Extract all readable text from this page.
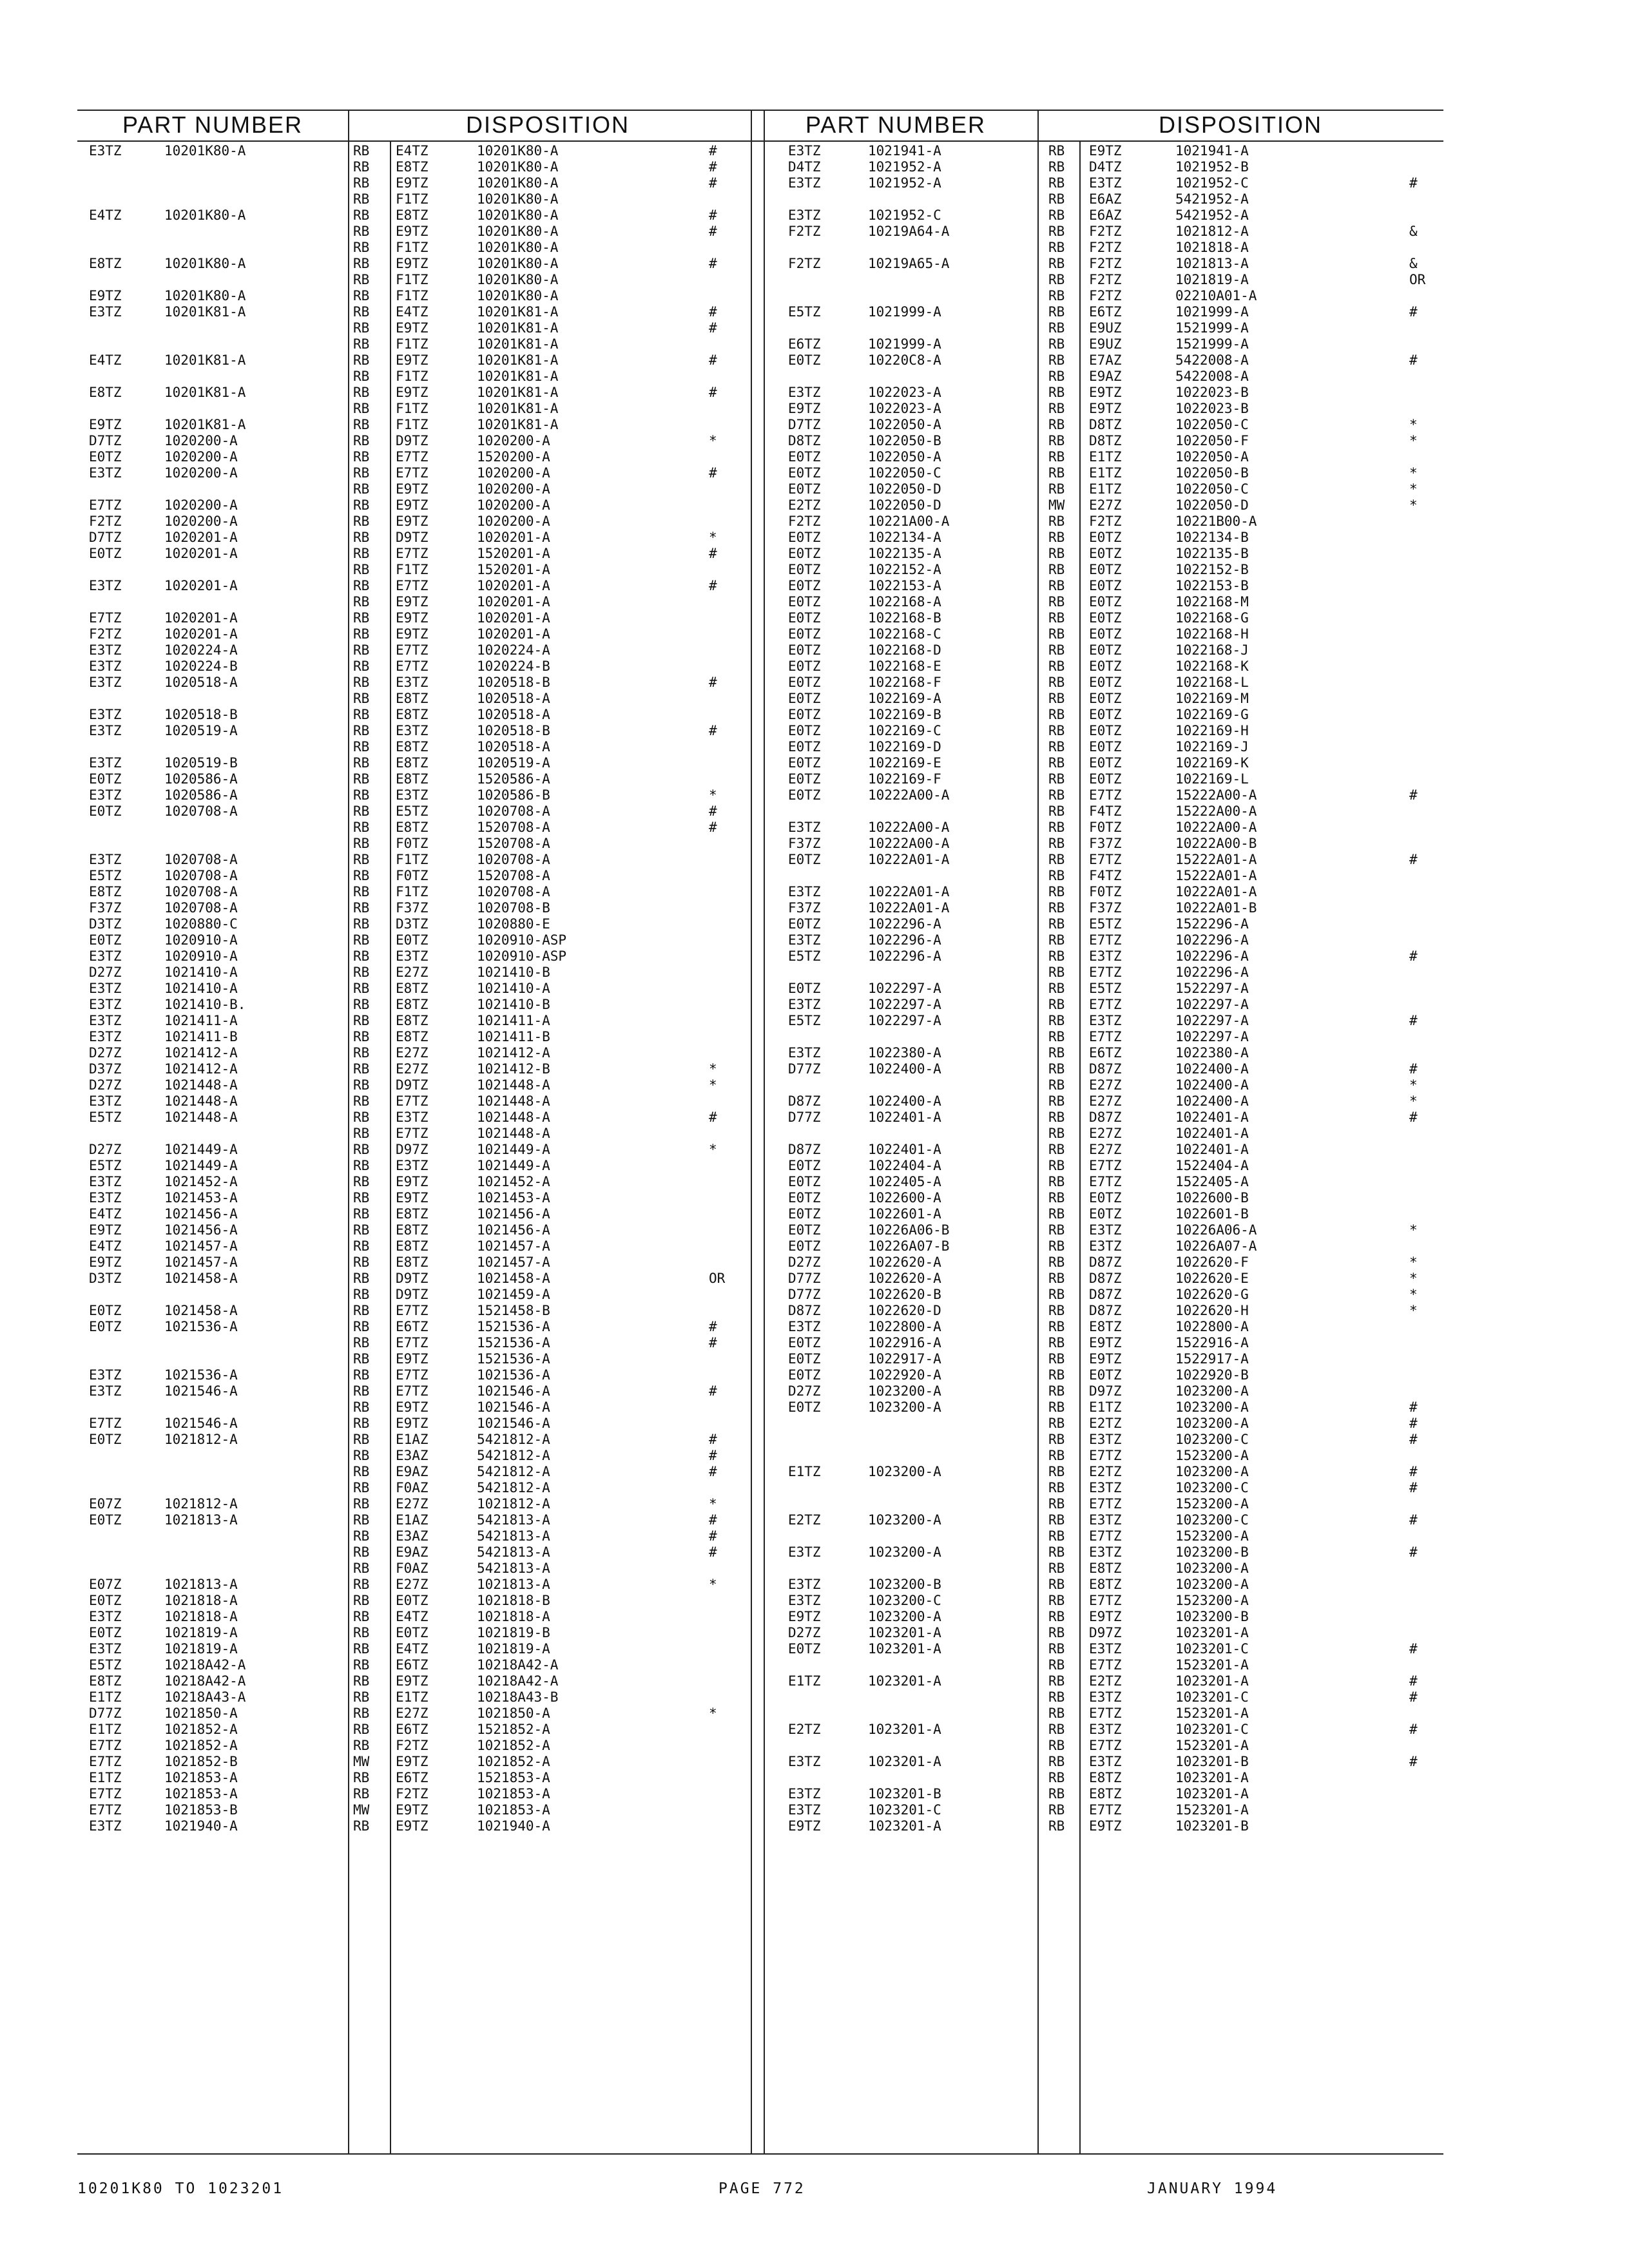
PART NUMBER	DISPOSITION	PART NUMBER	DISPOSITION
E3TZ	10201K80-A	RB E4TZ	10201K80-A	#
RB E8TZ	10201K80-A	#
RB E9TZ	10201K80-A	#
RB F1TZ	10201K80-A
E4TZ	10201K80-A	RB E8TZ	10201K80-A	#
RB E9TZ	10201K80-A	#
RB F1TZ	10201K80-A
E8TZ	10201K80-A	RB E9TZ	10201K80-A	#
RB F1TZ	10201K80-A
E9TZ	10201K80-A	RB F1TZ	10201K80-A
E3TZ	10201K81-A	RB E4TZ	10201K81-A	#
RB E9TZ	10201K81-A	#
RB F1TZ	10201K81-A
E4TZ	10201K81-A	RB E9TZ	10201K81-A	#
RB F1TZ	10201K81-A
E8TZ	10201K81-A	RB E9TZ	10201K81-A	#
RB F1TZ	10201K81-A
E9TZ	10201K81-A	RB F1TZ	10201K81-A
D7TZ	1020200-A	RB D9TZ	1020200-A	*
E0TZ	1020200-A	RB E7TZ	1520200-A
E3TZ	1020200-A	RB E7TZ	1020200-A	#
RB E9TZ	1020200-A
E7TZ	1020200-A	RB E9TZ	1020200-A
F2TZ	1020200-A	RB E9TZ	1020200-A
D7TZ	1020201-A	RB D9TZ	1020201-A	*
E0TZ	1020201-A	RB E7TZ	1520201-A	#
RB F1TZ	1520201-A
E3TZ	1020201-A	RB E7TZ	1020201-A	#
RB E9TZ	1020201-A
E7TZ	1020201-A	RB E9TZ	1020201-A
F2TZ	1020201-A	RB E9TZ	1020201-A
E3TZ	1020224-A	RB E7TZ	1020224-A
E3TZ	1020224-B	RB E7TZ	1020224-B
E3TZ	1020518-A	RB E3TZ	1020518-B	#
RB E8TZ	1020518-A
E3TZ	1020518-B	RB E8TZ	1020518-A
E3TZ	1020519-A	RB E3TZ	1020518-B	#
RB E8TZ	1020518-A
E3TZ	1020519-B	RB E8TZ	1020519-A
E0TZ	1020586-A	RB E8TZ	1520586-A
E3TZ	1020586-A	RB E3TZ	1020586-B	*
E0TZ	1020708-A	RB E5TZ	1020708-A	#
RB E8TZ	1520708-A	#
RB F0TZ	1520708-A
E3TZ	1020708-A	RB F1TZ	1020708-A
E5TZ	1020708-A	RB F0TZ	1520708-A
E8TZ	1020708-A	RB F1TZ	1020708-A
F37Z	1020708-A	RB F37Z	1020708-B
D3TZ	1020880-C	RB D3TZ	1020880-E
E0TZ	1020910-A	RB E0TZ	1020910-ASP
E3TZ	1020910-A	RB E3TZ	1020910-ASP
D27Z	1021410-A	RB E27Z	1021410-B
E3TZ	1021410-A	RB E8TZ	1021410-A
E3TZ	1021410-B.	RB E8TZ	1021410-B
E3TZ	1021411-A	RB E8TZ	1021411-A
E3TZ	1021411-B	RB E8TZ	1021411-B
D27Z	1021412-A	RB E27Z	1021412-A
D37Z	1021412-A	RB E27Z	1021412-B	*
D27Z	1021448-A	RB D9TZ	1021448-A	*
E3TZ	1021448-A	RB E7TZ	1021448-A
E5TZ	1021448-A	RB E3TZ	1021448-A	#
RB E7TZ	1021448-A
D27Z	1021449-A	RB D97Z	1021449-A	*
E5TZ	1021449-A	RB E3TZ	1021449-A
E3TZ	1021452-A	RB E9TZ	1021452-A
E3TZ	1021453-A	RB E9TZ	1021453-A
E4TZ	1021456-A	RB E8TZ	1021456-A
E9TZ	1021456-A	RB E8TZ	1021456-A
E4TZ	1021457-A	RB E8TZ	1021457-A
E9TZ	1021457-A	RB E8TZ	1021457-A
D3TZ	1021458-A	RB D9TZ	1021458-A	OR
RB D9TZ	1021459-A
E0TZ	1021458-A	RB E7TZ	1521458-B
E0TZ	1021536-A	RB E6TZ	1521536-A	#
RB E7TZ	1521536-A	#
RB E9TZ	1521536-A
E3TZ	1021536-A	RB E7TZ	1021536-A
E3TZ	1021546-A	RB E7TZ	1021546-A	#
RB E9TZ	1021546-A
E7TZ	1021546-A	RB E9TZ	1021546-A
E0TZ	1021812-A	RB E1AZ	5421812-A	#
RB E3AZ	5421812-A	#
RB E9AZ	5421812-A	#
RB F0AZ	5421812-A
E07Z	1021812-A	RB E27Z	1021812-A	*
E0TZ	1021813-A	RB E1AZ	5421813-A	#
RB E3AZ	5421813-A	#
RB E9AZ	5421813-A	#
RB F0AZ	5421813-A
E07Z	1021813-A	RB E27Z	1021813-A	*
E0TZ	1021818-A	RB E0TZ	1021818-B
E3TZ	1021818-A	RB E4TZ	1021818-A
E0TZ	1021819-A	RB E0TZ	1021819-B
E3TZ	1021819-A	RB E4TZ	1021819-A
E5TZ	10218A42-A	RB E6TZ	10218A42-A
E8TZ	10218A42-A	RB E9TZ	10218A42-A
E1TZ	10218A43-A	RB E1TZ	10218A43-B
D77Z	1021850-A	RB E27Z	1021850-A	*
E1TZ	1021852-A	RB E6TZ	1521852-A
E7TZ	1021852-A	RB F2TZ	1021852-A
E7TZ	1021852-B	MW E9TZ	1021852-A
E1TZ	1021853-A	RB E6TZ	1521853-A
E7TZ	1021853-A	RB F2TZ	1021853-A
E7TZ	1021853-B	MW E9TZ	1021853-A
E3TZ	1021940-A	RB E9TZ	1021940-A
E3TZ	1021941-A	RB E9TZ	1021941-A
D4TZ	1021952-A	RB D4TZ	1021952-B
E3TZ	1021952-A	RB E3TZ	1021952-C	#
RB E6AZ	5421952-A
E3TZ	1021952-C	RB E6AZ	5421952-A
F2TZ	10219A64-A	RB F2TZ	1021812-A	&
RB F2TZ	1021818-A
F2TZ	10219A65-A	RB F2TZ	1021813-A	&
RB F2TZ	1021819-A	OR
RB F2TZ	02210A01-A
E5TZ	1021999-A	RB E6TZ	1021999-A	#
RB E9UZ	1521999-A
E6TZ	1021999-A	RB E9UZ	1521999-A
E0TZ	10220C8-A	RB E7AZ	5422008-A	#
RB E9AZ	5422008-A
E3TZ	1022023-A	RB E9TZ	1022023-B
E9TZ	1022023-A	RB E9TZ	1022023-B
D7TZ	1022050-A	RB D8TZ	1022050-C	*
D8TZ	1022050-B	RB D8TZ	1022050-F	*
E0TZ	1022050-A	RB E1TZ	1022050-A
E0TZ	1022050-C	RB E1TZ	1022050-B	*
E0TZ	1022050-D	RB E1TZ	1022050-C	*
E2TZ	1022050-D	MW E27Z	1022050-D	*
F2TZ	10221A00-A	RB F2TZ	10221B00-A
E0TZ	1022134-A	RB E0TZ	1022134-B
E0TZ	1022135-A	RB E0TZ	1022135-B
E0TZ	1022152-A	RB E0TZ	1022152-B
E0TZ	1022153-A	RB E0TZ	1022153-B
E0TZ	1022168-A	RB E0TZ	1022168-M
E0TZ	1022168-B	RB E0TZ	1022168-G
E0TZ	1022168-C	RB E0TZ	1022168-H
E0TZ	1022168-D	RB E0TZ	1022168-J
E0TZ	1022168-E	RB E0TZ	1022168-K
E0TZ	1022168-F	RB E0TZ	1022168-L
E0TZ	1022169-A	RB E0TZ	1022169-M
E0TZ	1022169-B	RB E0TZ	1022169-G
E0TZ	1022169-C	RB E0TZ	1022169-H
E0TZ	1022169-D	RB E0TZ	1022169-J
E0TZ	1022169-E	RB E0TZ	1022169-K
E0TZ	1022169-F	RB E0TZ	1022169-L
E0TZ	10222A00-A	RB E7TZ	15222A00-A	#
RB F4TZ	15222A00-A
E3TZ	10222A00-A	RB F0TZ	10222A00-A
F37Z	10222A00-A	RB F37Z	10222A00-B
E0TZ	10222A01-A	RB E7TZ	15222A01-A	#
RB F4TZ	15222A01-A
E3TZ	10222A01-A	RB F0TZ	10222A01-A
F37Z	10222A01-A	RB F37Z	10222A01-B
E0TZ	1022296-A	RB E5TZ	1522296-A
E3TZ	1022296-A	RB E7TZ	1022296-A
E5TZ	1022296-A	RB E3TZ	1022296-A	#
RB E7TZ	1022296-A
E0TZ	1022297-A	RB E5TZ	1522297-A
E3TZ	1022297-A	RB E7TZ	1022297-A
E5TZ	1022297-A	RB E3TZ	1022297-A	#
RB E7TZ	1022297-A
E3TZ	1022380-A	RB E6TZ	1022380-A
D77Z	1022400-A	RB D87Z	1022400-A	#
RB E27Z	1022400-A	*
D87Z	1022400-A	RB E27Z	1022400-A	*
D77Z	1022401-A	RB D87Z	1022401-A	#
RB E27Z	1022401-A
D87Z	1022401-A	RB E27Z	1022401-A
E0TZ	1022404-A	RB E7TZ	1522404-A
E0TZ	1022405-A	RB E7TZ	1522405-A
E0TZ	1022600-A	RB E0TZ	1022600-B
E0TZ	1022601-A	RB E0TZ	1022601-B
E0TZ	10226A06-B	RB E3TZ	10226A06-A	*
E0TZ	10226A07-B	RB E3TZ	10226A07-A
D27Z	1022620-A	RB D87Z	1022620-F	*
D77Z	1022620-A	RB D87Z	1022620-E	*
D77Z	1022620-B	RB D87Z	1022620-G	*
D87Z	1022620-D	RB D87Z	1022620-H	*
E3TZ	1022800-A	RB E8TZ	1022800-A
E0TZ	1022916-A	RB E9TZ	1522916-A
E0TZ	1022917-A	RB E9TZ	1522917-A
E0TZ	1022920-A	RB E0TZ	1022920-B
D27Z	1023200-A	RB D97Z	1023200-A
E0TZ	1023200-A	RB E1TZ	1023200-A	#
RB E2TZ	1023200-A	#
RB E3TZ	1023200-C	#
RB E7TZ	1523200-A
E1TZ	1023200-A	RB E2TZ	1023200-A	#
RB E3TZ	1023200-C	#
RB E7TZ	1523200-A
E2TZ	1023200-A	RB E3TZ	1023200-C	#
RB E7TZ	1523200-A
E3TZ	1023200-A	RB E3TZ	1023200-B	#
RB E8TZ	1023200-A
E3TZ	1023200-B	RB E8TZ	1023200-A
E3TZ	1023200-C	RB E7TZ	1523200-A
E9TZ	1023200-A	RB E9TZ	1023200-B
D27Z	1023201-A	RB D97Z	1023201-A
E0TZ	1023201-A	RB E3TZ	1023201-C	#
RB E7TZ	1523201-A
E1TZ	1023201-A	RB E2TZ	1023201-A	#
RB E3TZ	1023201-C	#
RB E7TZ	1523201-A
E2TZ	1023201-A	RB E3TZ	1023201-C	#
RB E7TZ	1523201-A
E3TZ	1023201-A	RB E3TZ	1023201-B	#
RB E8TZ	1023201-A
E3TZ	1023201-B	RB E8TZ	1023201-A
E3TZ	1023201-C	RB E7TZ	1523201-A
E9TZ	1023201-A	RB E9TZ	1023201-B
10201K80 TO 1023201	PAGE 772	JANUARY 1994
